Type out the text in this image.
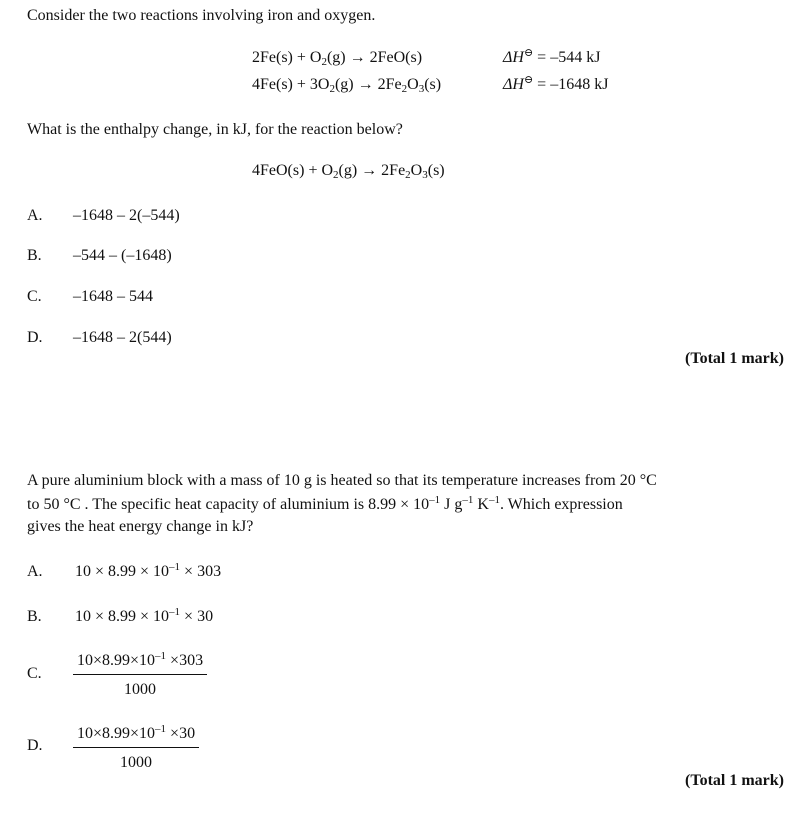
Consider the two reactions involving iron and oxygen.
$2Fe(s) + O_2(g) \to 2FeO(s)$	ΔH⊖ = –544 kJ
$4Fe(s) + 3O_2(g) \to 2Fe_2O_3(s)$	ΔH⊖ = –1648 kJ
What is the enthalpy change, in kJ, for the reaction below?
$4FeO(s) + O_2(g) \to 2Fe_2O_3(s)$
A. –1648 – 2(–544)
B. –544 – (–1648)
C. –1648 – 544
D. –1648 – 2(544)
(Total 1 mark)
A pure aluminium block with a mass of 10 g is heated so that its temperature increases from 20 °C
to 50 °C . The specific heat capacity of aluminium is $8.99 \times 10^{-1}$ J $g^{-1}$ $K^{-1}$. Which expression
gives the heat energy change in kJ?
A. $10 \times 8.99 \times 10^{-1} \times 303$
B. $10 \times 8.99 \times 10^{-1} \times 30$
C. $\frac{10\times 8.99\times 10^{-1} \times 303}{1000}$
D. $\frac{10\times 8.99\times 10^{-1} \times 30}{1000}$
(Total 1 mark)
